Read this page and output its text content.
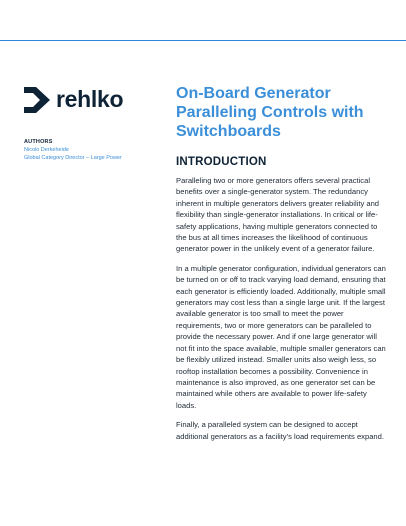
rehlko	On-Board Generator Paralleling Controls with Switchboards
AUTHORS
Nicolo Derkeheide
Global Category Director – Large Power	INTRODUCTION

Paralleling two or more generators offers several practical benefits over a single-generator system. The redundancy inherent in multiple generators delivers greater reliability and flexibility than single-generator installations. In critical or life-safety applications, having multiple generators connected to the bus at all times increases the likelihood of continuous generator power in the unlikely event of a generator failure.

In a multiple generator configuration, individual generators can be turned on or off to track varying load demand, ensuring that each generator is efficiently loaded. Additionally, multiple small generators may cost less than a single large unit. If the largest available generator is too small to meet the power requirements, two or more generators can be paralleled to provide the necessary power. And if one large generator will not fit into the space available, multiple smaller generators can be flexibly utilized instead. Smaller units also weigh less, so rooftop installation becomes a possibility. Convenience in maintenance is also improved, as one generator set can be maintained while others are available to power life-safety loads.

Finally, a paralleled system can be designed to accept additional generators as a facility’s load requirements expand.
